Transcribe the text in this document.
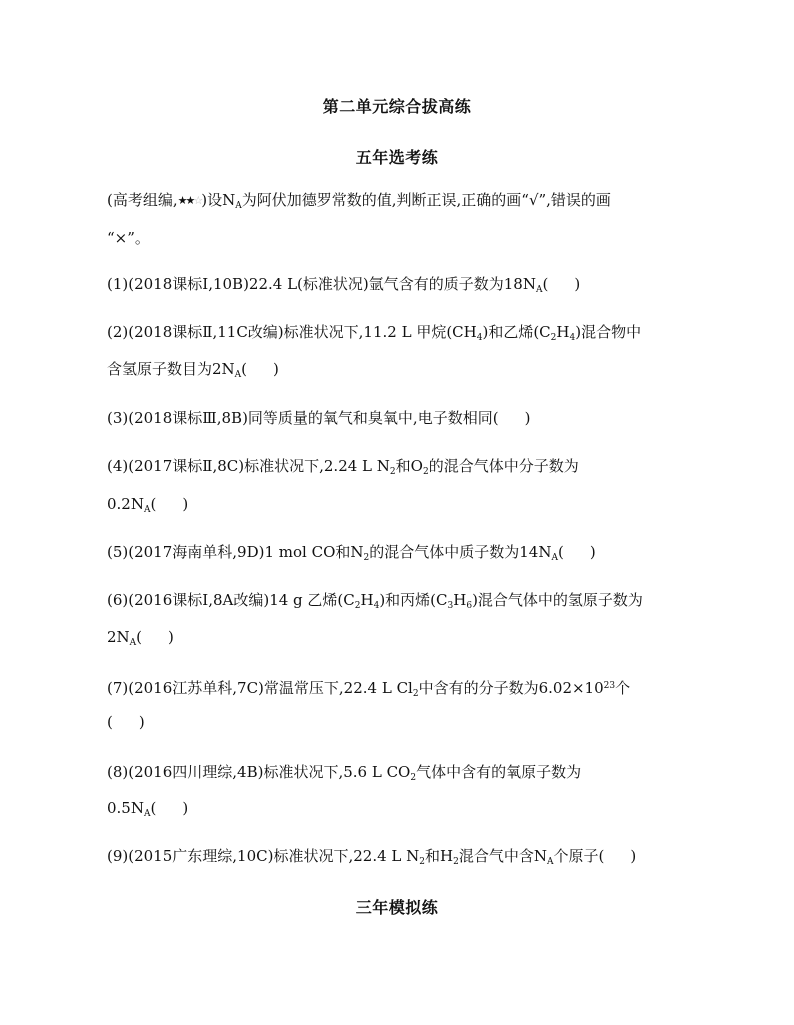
第二单元综合拔高练
五年选考练
(高考组编,★★☆)设$N_A$为阿伏加德罗常数的值,判断正误,正确的画“√”,错误的画
“×”。
(1)(2018课标Ⅰ,10B)22.4 L(标准状况)氩气含有的质子数为$18N_A$( )
(2)(2018课标Ⅱ,11C改编)标准状况下,11.2 L 甲烷$(CH_4)$和乙烯$(C_2H_4)$混合物中
含氢原子数目为$2N_A$( )
(3)(2018课标Ⅲ,8B)同等质量的氧气和臭氧中,电子数相同( )
(4)(2017课标Ⅱ,8C)标准状况下,2.24 L $N_2$和$O_2$的混合气体中分子数为
$0.2N_A$( )
(5)(2017海南单科,9D)1 mol CO和$N_2$的混合气体中质子数为$14N_A$( )
(6)(2016课标Ⅰ,8A改编)14 g 乙烯$(C_2H_4)$和丙烯$(C_3H_6)$混合气体中的氢原子数为
$2N_A$( )
(7)(2016江苏单科,7C)常温常压下,22.4 L $Cl_2$中含有的分子数为$6.02\times 10^{23}$个
( )
(8)(2016四川理综,4B)标准状况下,5.6 L $CO_2$气体中含有的氧原子数为
$0.5N_A$( )
(9)(2015广东理综,10C)标准状况下,22.4 L $N_2$和$H_2$混合气中含$N_A$个原子( )
三年模拟练
